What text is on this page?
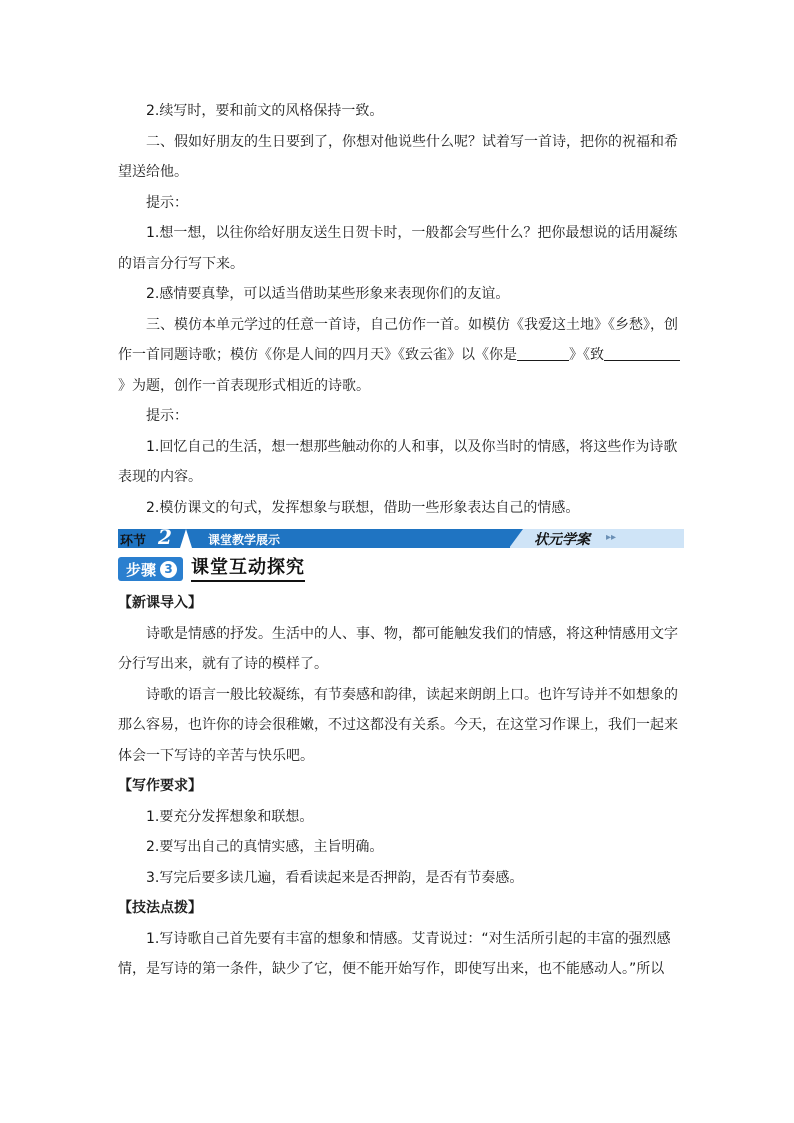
2.续写时，要和前文的风格保持一致。

二、假如好朋友的生日要到了，你想对他说些什么呢？试着写一首诗，把你的祝福和希望送给他。

提示：

1.想一想，以往你给好朋友送生日贺卡时，一般都会写些什么？把你最想说的话用凝练的语言分行写下来。

2.感情要真挚，可以适当借助某些形象来表现你们的友谊。

三、模仿本单元学过的任意一首诗，自己仿作一首。如模仿《我爱这土地》《乡愁》，创作一首同题诗歌；模仿《你是人间的四月天》《致云雀》以《你是	》《致》为题，创作一首表现形式相近的诗歌。

提示：

1.回忆自己的生活，想一想那些触动你的人和事，以及你当时的情感，将这些作为诗歌表现的内容。

2.模仿课文的句式，发挥想象与联想，借助一些形象表达自己的情感。

环节 2	课堂教学展示	状元学案 ▸▸
步骤 3 课堂互动探究

【新课导入】

诗歌是情感的抒发。生活中的人、事、物，都可能触发我们的情感，将这种情感用文字分行写出来，就有了诗的模样了。

诗歌的语言一般比较凝练，有节奏感和韵律，读起来朗朗上口。也许写诗并不如想象的那么容易，也许你的诗会很稚嫩，不过这都没有关系。今天，在这堂习作课上，我们一起来体会一下写诗的辛苦与快乐吧。

【写作要求】

1.要充分发挥想象和联想。

2.要写出自己的真情实感，主旨明确。

3.写完后要多读几遍，看看读起来是否押韵，是否有节奏感。

【技法点拨】

1.写诗歌自己首先要有丰富的想象和情感。艾青说过：“对生活所引起的丰富的强烈感情，是写诗的第一条件，缺少了它，便不能开始写作，即使写出来，也不能感动人。”所以
